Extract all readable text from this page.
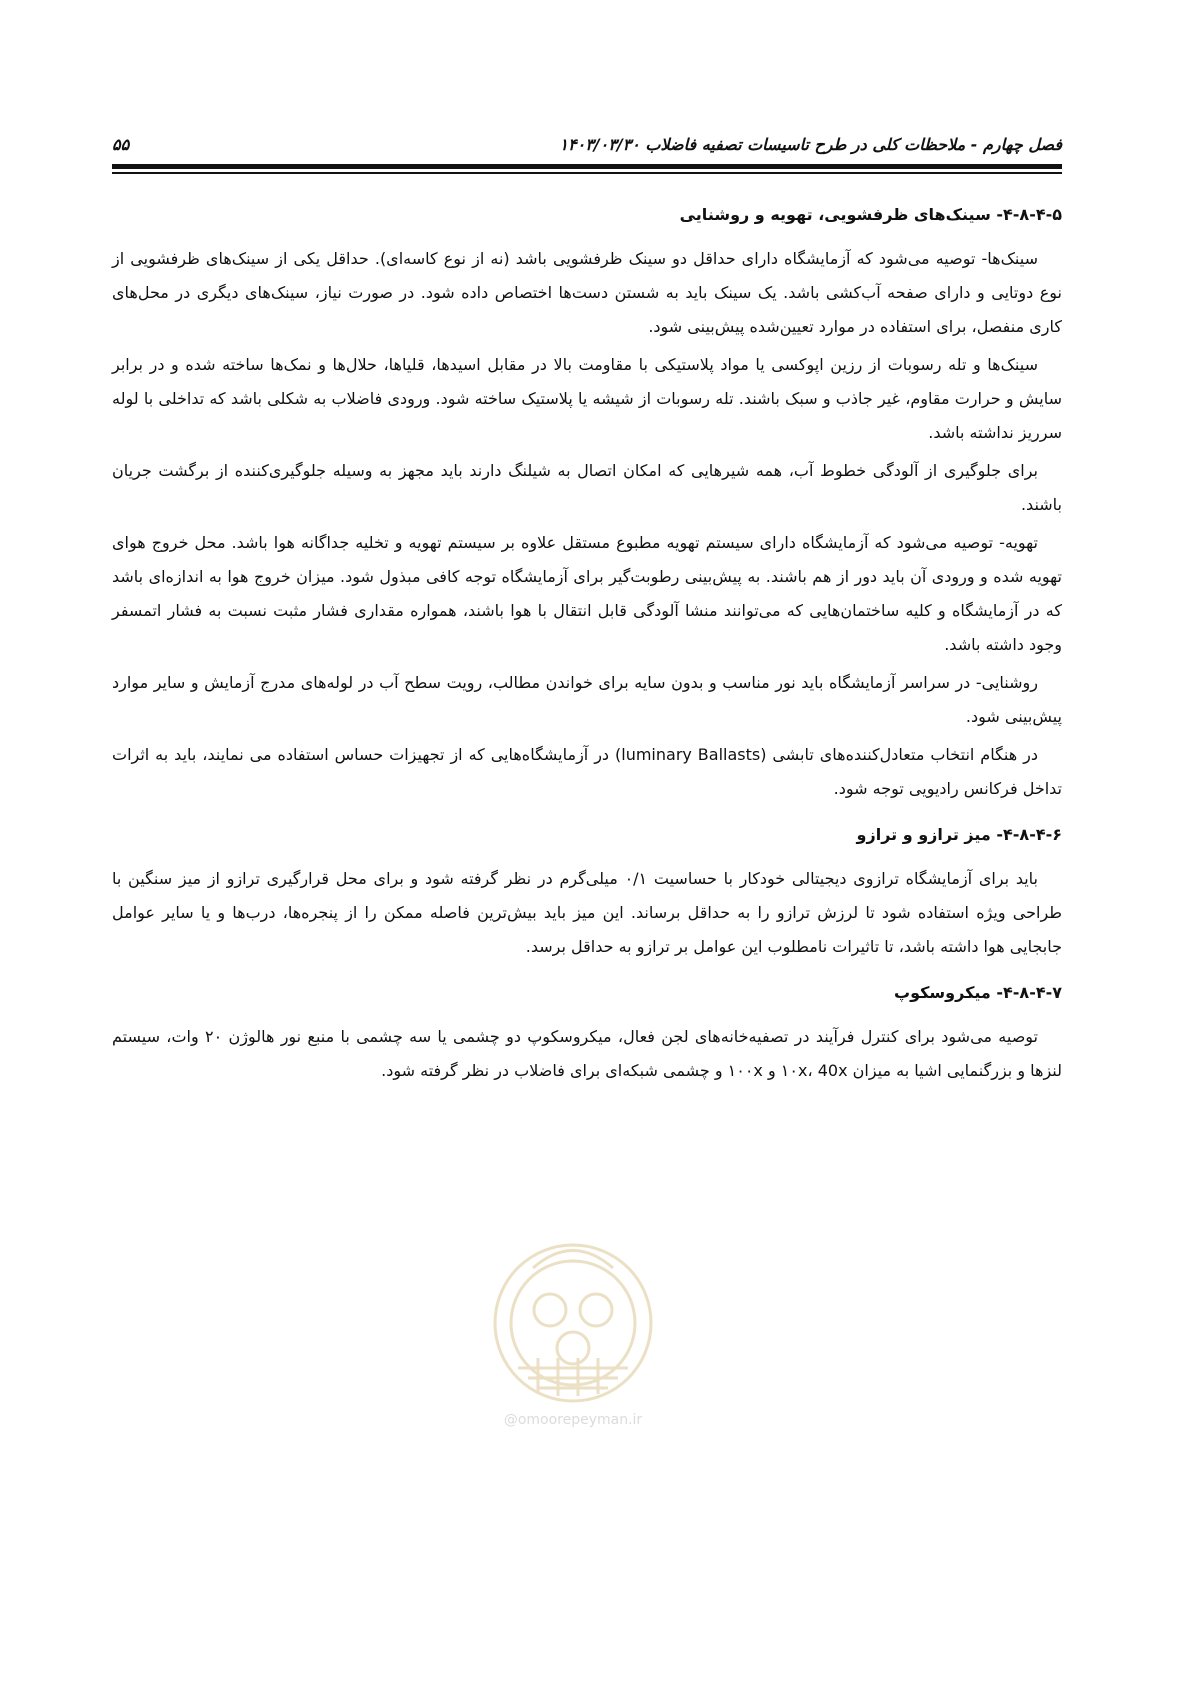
فصل چهارم - ملاحظات کلی در طرح تاسیسات تصفیه فاضلاب ۱۴۰۳/۰۳/۳۰
۵۵
۴-۸-۴-۵- سینک‌های ظرفشویی، تهویه و روشنایی

سینک‌ها- توصیه می‌شود که آزمایشگاه دارای حداقل دو سینک ظرفشویی باشد (نه از نوع کاسه‌ای). حداقل یکی از سینک‌های ظرفشویی از نوع دوتایی و دارای صفحه آب‌کشی باشد. یک سینک باید به شستن دست‌ها اختصاص داده شود. در صورت نیاز، سینک‌های دیگری در محل‌های کاری منفصل، برای استفاده در موارد تعیین‌شده پیش‌بینی شود.

سینک‌ها و تله رسوبات از رزین اپوکسی یا مواد پلاستیکی با مقاومت بالا در مقابل اسیدها، قلیاها، حلال‌ها و نمک‌ها ساخته شده و در برابر سایش و حرارت مقاوم، غیر جاذب و سبک باشند. تله رسوبات از شیشه یا پلاستیک ساخته شود. ورودی فاضلاب به شکلی باشد که تداخلی با لوله سرریز نداشته باشد.

برای جلوگیری از آلودگی خطوط آب، همه شیرهایی که امکان اتصال به شیلنگ دارند باید مجهز به وسیله جلوگیری‌کننده از برگشت جریان باشند.

تهویه- توصیه می‌شود که آزمایشگاه دارای سیستم تهویه مطبوع مستقل علاوه بر سیستم تهویه و تخلیه جداگانه هوا باشد. محل خروج هوای تهویه شده و ورودی آن باید دور از هم باشند. به پیش‌بینی رطوبت‌گیر برای آزمایشگاه توجه کافی مبذول شود. میزان خروج هوا به اندازه‌ای باشد که در آزمایشگاه و کلیه ساختمان‌هایی که می‌توانند منشا آلودگی قابل انتقال با هوا باشند، همواره مقداری فشار مثبت نسبت به فشار اتمسفر وجود داشته باشد.

روشنایی- در سراسر آزمایشگاه باید نور مناسب و بدون سایه برای خواندن مطالب، رویت سطح آب در لوله‌های مدرج آزمایش و سایر موارد پیش‌بینی شود.

در هنگام انتخاب متعادل‌کننده‌های تابشی (luminary Ballasts) در آزمایشگاه‌هایی که از تجهیزات حساس استفاده می نمایند، باید به اثرات تداخل فرکانس رادیویی توجه شود.

۴-۸-۴-۶- میز ترازو و ترازو

باید برای آزمایشگاه ترازوی دیجیتالی خودکار با حساسیت ۰/۱ میلی‌گرم در نظر گرفته شود و برای محل قرارگیری ترازو از میز سنگین با طراحی ویژه استفاده شود تا لرزش ترازو را به حداقل برساند. این میز باید بیش‌ترین فاصله ممکن را از پنجره‌ها، درب‌ها و یا سایر عوامل جابجایی هوا داشته باشد، تا تاثیرات نامطلوب این عوامل بر ترازو به حداقل برسد.

۴-۸-۴-۷- میکروسکوپ

توصیه می‌شود برای کنترل فرآیند در تصفیه‌خانه‌های لجن فعال، میکروسکوپ دو چشمی یا سه چشمی با منبع نور هالوژن ۲۰ وات، سیستم لنزها و بزرگنمایی اشیا به میزان ۱۰x، 40x و ۱۰۰x و چشمی شبکه‌ای برای فاضلاب در نظر گرفته شود.

@omoorepeyman.ir
